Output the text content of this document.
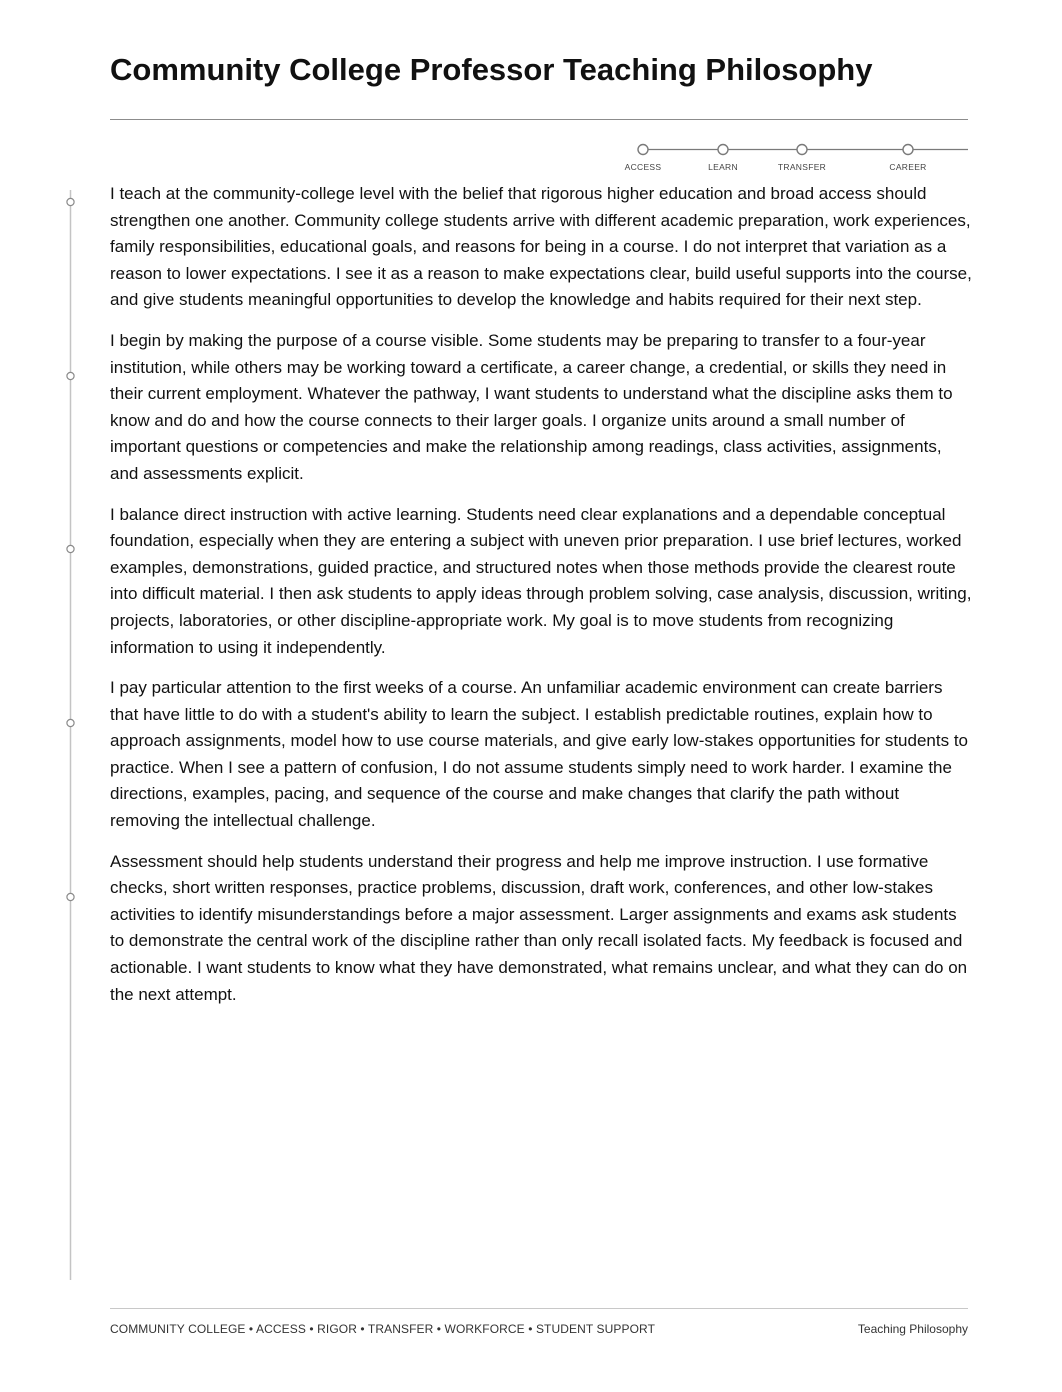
Community College Professor Teaching Philosophy
ACCESS	LEARN	TRANSFER	CAREER

I teach at the community-college level with the belief that rigorous higher education and broad access should strengthen one another. Community college students arrive with different academic preparation, work experiences, family responsibilities, educational goals, and reasons for being in a course. I do not interpret that variation as a reason to lower expectations. I see it as a reason to make expectations clear, build useful supports into the course, and give students meaningful opportunities to develop the knowledge and habits required for their next step.

I begin by making the purpose of a course visible. Some students may be preparing to transfer to a four-year institution, while others may be working toward a certificate, a career change, a credential, or skills they need in their current employment. Whatever the pathway, I want students to understand what the discipline asks them to know and do and how the course connects to their larger goals. I organize units around a small number of important questions or competencies and make the relationship among readings, class activities, assignments, and assessments explicit.

I balance direct instruction with active learning. Students need clear explanations and a dependable conceptual foundation, especially when they are entering a subject with uneven prior preparation. I use brief lectures, worked examples, demonstrations, guided practice, and structured notes when those methods provide the clearest route into difficult material. I then ask students to apply ideas through problem solving, case analysis, discussion, writing, projects, laboratories, or other discipline-appropriate work. My goal is to move students from recognizing information to using it independently.

I pay particular attention to the first weeks of a course. An unfamiliar academic environment can create barriers that have little to do with a student's ability to learn the subject. I establish predictable routines, explain how to approach assignments, model how to use course materials, and give early low-stakes opportunities for students to practice. When I see a pattern of confusion, I do not assume students simply need to work harder. I examine the directions, examples, pacing, and sequence of the course and make changes that clarify the path without removing the intellectual challenge.

Assessment should help students understand their progress and help me improve instruction. I use formative checks, short written responses, practice problems, discussion, draft work, conferences, and other low-stakes activities to identify misunderstandings before a major assessment. Larger assignments and exams ask students to demonstrate the central work of the discipline rather than only recall isolated facts. My feedback is focused and actionable. I want students to know what they have demonstrated, what remains unclear, and what they can do on the next attempt.

COMMUNITY COLLEGE • ACCESS • RIGOR • TRANSFER • WORKFORCE • STUDENT SUPPORT	Teaching Philosophy
